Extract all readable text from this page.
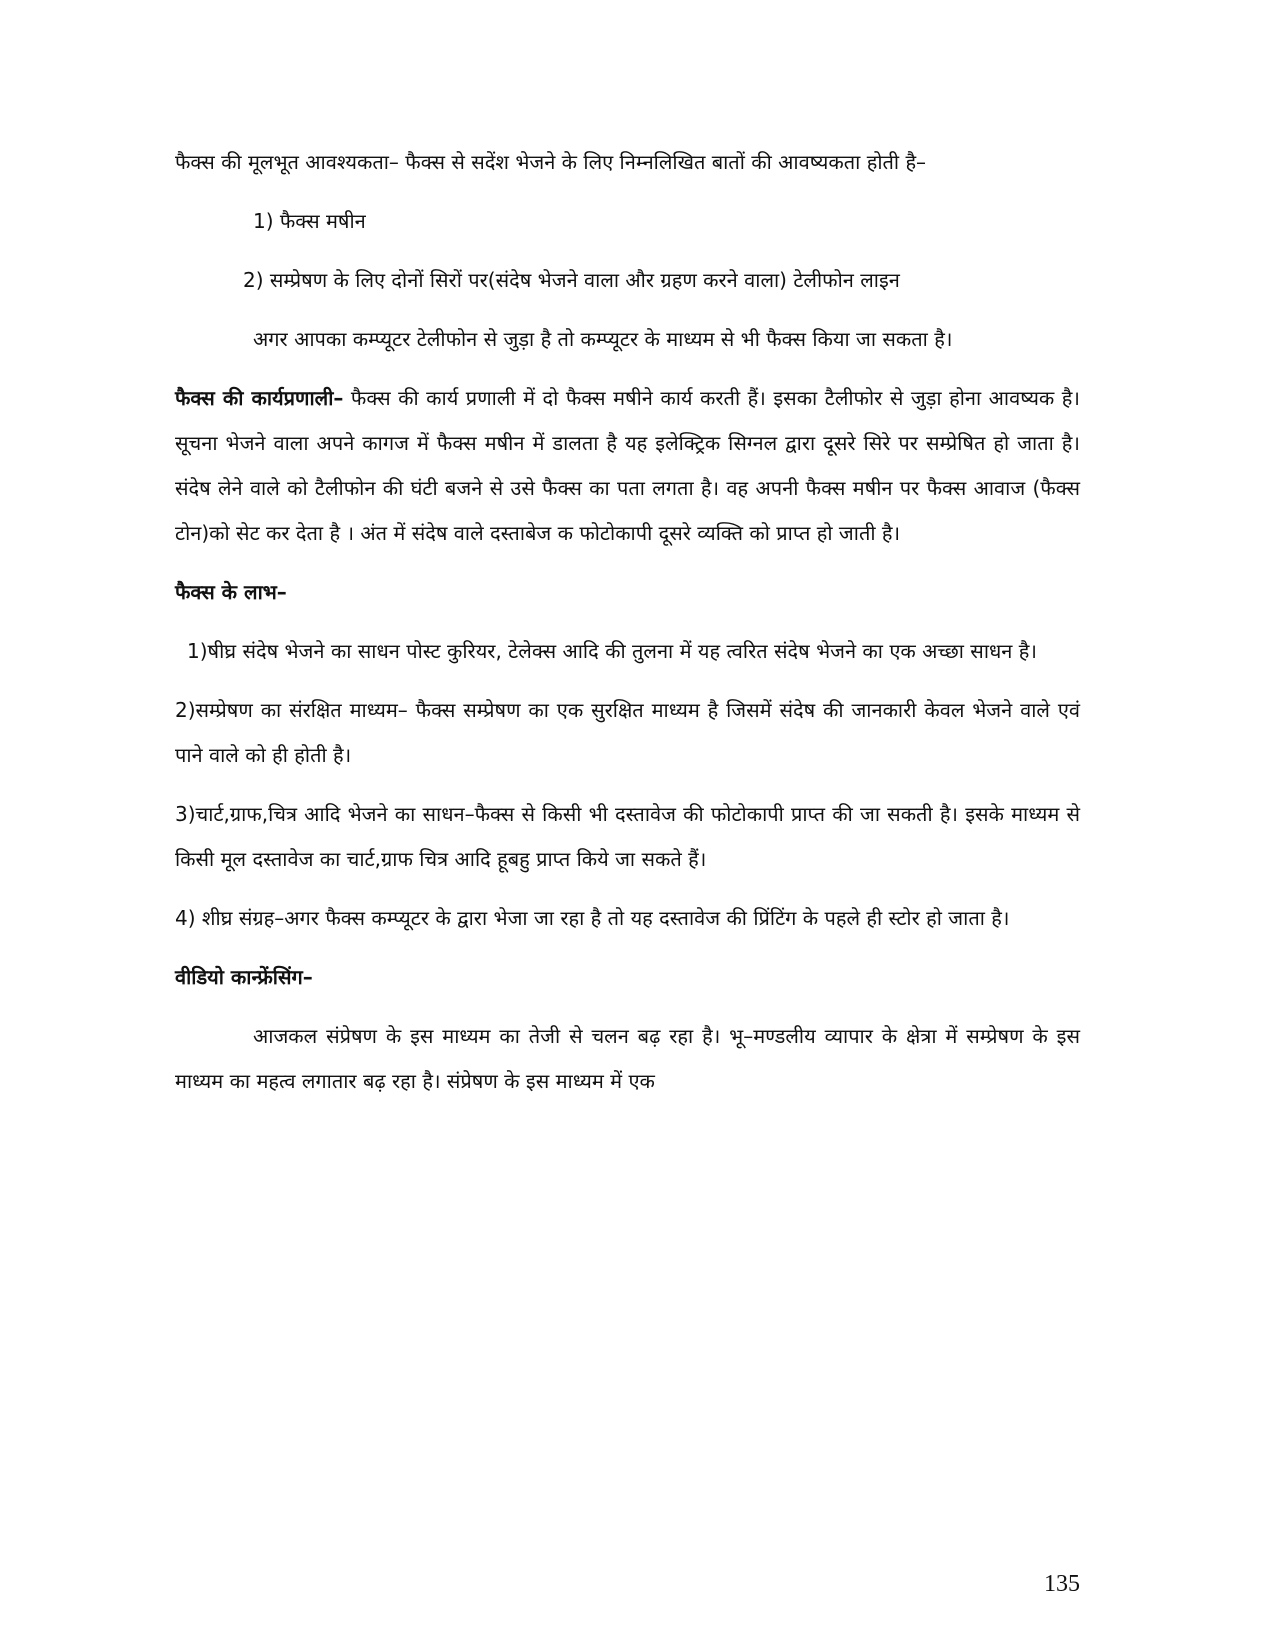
फैक्स की मूलभूत आवश्यकता– फैक्स से सदेंश भेजने के लिए निम्नलिखित बातों की आवष्यकता होती है–

1) फैक्स मषीन

2) सम्प्रेषण के लिए दोनों सिरों पर(संदेष भेजने वाला और ग्रहण करने वाला) टेलीफोन लाइन

अगर आपका कम्प्यूटर टेलीफोन से जुड़ा है तो कम्प्यूटर के माध्यम से भी फैक्स किया जा सकता है।

फैक्स की कार्यप्रणाली– फैक्स की कार्य प्रणाली में दो फैक्स मषीने कार्य करती हैं। इसका टैलीफोर से जुड़ा होना आवष्यक है। सूचना भेजने वाला अपने कागज में फैक्स मषीन में डालता है यह इलेक्ट्रिक सिग्नल द्वारा दूसरे सिरे पर सम्प्रेषित हो जाता है। संदेष लेने वाले को टैलीफोन की घंटी बजने से उसे फैक्स का पता लगता है। वह अपनी फैक्स मषीन पर फैक्स आवाज (फैक्स टोन)को सेट कर देता है । अंत में संदेष वाले दस्ताबेज क फोटोकापी दूसरे व्यक्ति को प्राप्त हो जाती है।

फैक्स के लाभ–

1)षीघ्र संदेष भेजने का साधन पोस्ट कुरियर, टेलेक्स आदि की तुलना में यह त्वरित संदेष भेजने का एक अच्छा साधन है।

2)सम्प्रेषण का संरक्षित माध्यम– फैक्स सम्प्रेषण का एक सुरक्षित माध्यम है जिसमें संदेष की जानकारी केवल भेजने वाले एवं पाने वाले को ही होती है।

3)चार्ट,ग्राफ,चित्र आदि भेजने का साधन–फैक्स से किसी भी दस्तावेज की फोटोकापी प्राप्त की जा सकती है। इसके माध्यम से किसी मूल दस्तावेज का चार्ट,ग्राफ चित्र आदि हूबहु प्राप्त किये जा सकते हैं।

4) शीघ्र संग्रह–अगर फैक्स कम्प्यूटर के द्वारा भेजा जा रहा है तो यह दस्तावेज की प्रिंटिंग के पहले ही स्टोर हो जाता है।

वीडियो कान्फ्रेंसिंग–

आजकल संप्रेषण के इस माध्यम का तेजी से चलन बढ़ रहा है। भू–मण्डलीय व्यापार के क्षेत्रा में सम्प्रेषण के इस माध्यम का महत्व लगातार बढ़ रहा है। संप्रेषण के इस माध्यम में एक

135
